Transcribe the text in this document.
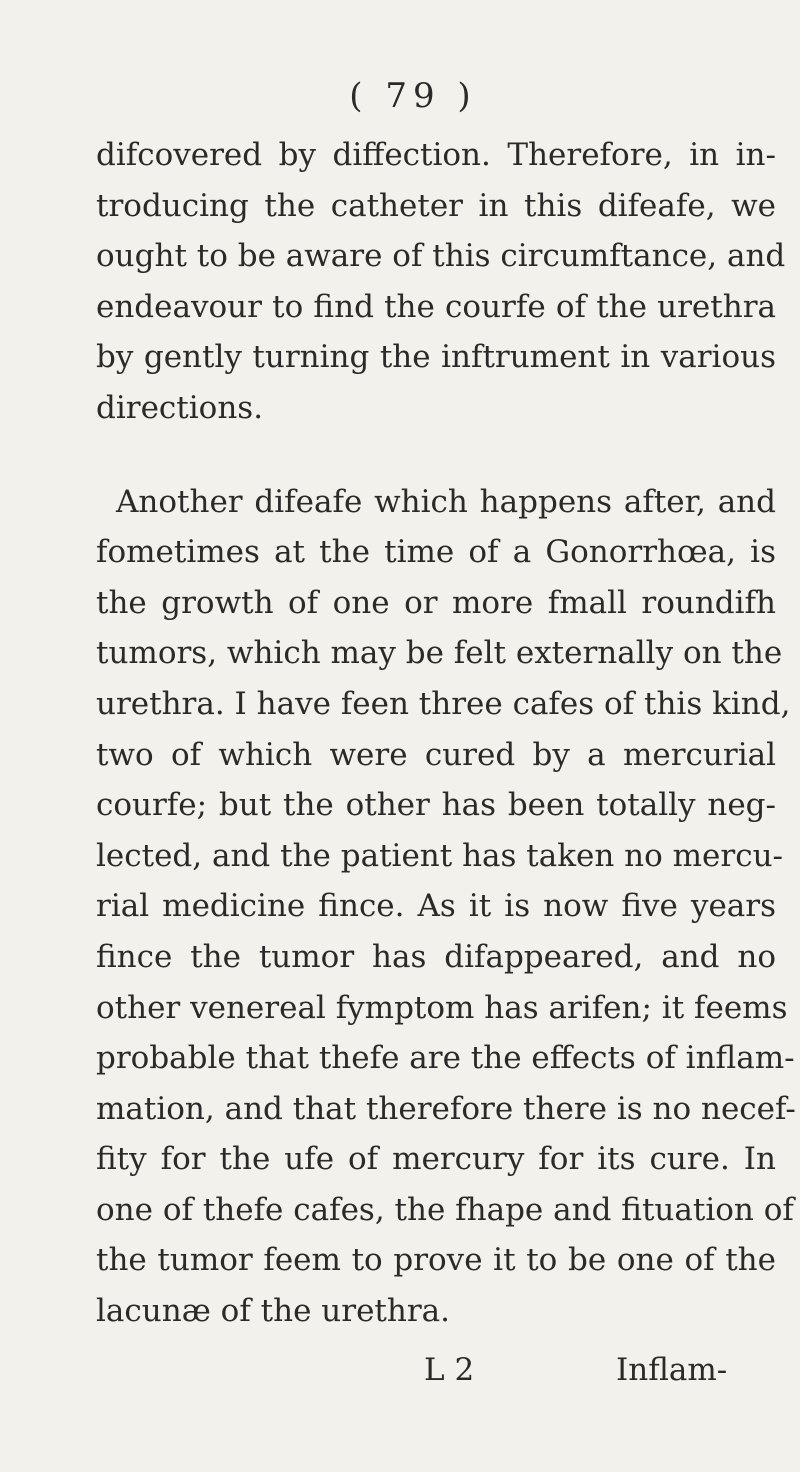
( 79 )
difcovered by diffection. Therefore, in in-
troducing the catheter in this difeafe, we
ought to be aware of this circumftance, and
endeavour to find the courfe of the urethra
by gently turning the inftrument in various
directions.
Another difeafe which happens after, and
fometimes at the time of a Gonorrhœa, is
the growth of one or more fmall roundifh
tumors, which may be felt externally on the
urethra. I have feen three cafes of this kind,
two of which were cured by a mercurial
courfe; but the other has been totally neg-
lected, and the patient has taken no mercu-
rial medicine fince. As it is now five years
fince the tumor has difappeared, and no
other venereal fymptom has arifen; it feems
probable that thefe are the effects of inflam-
mation, and that therefore there is no necef-
fity for the ufe of mercury for its cure. In
one of thefe cafes, the fhape and fituation of
the tumor feem to prove it to be one of the
lacunæ of the urethra.
L 2	Inflam-
